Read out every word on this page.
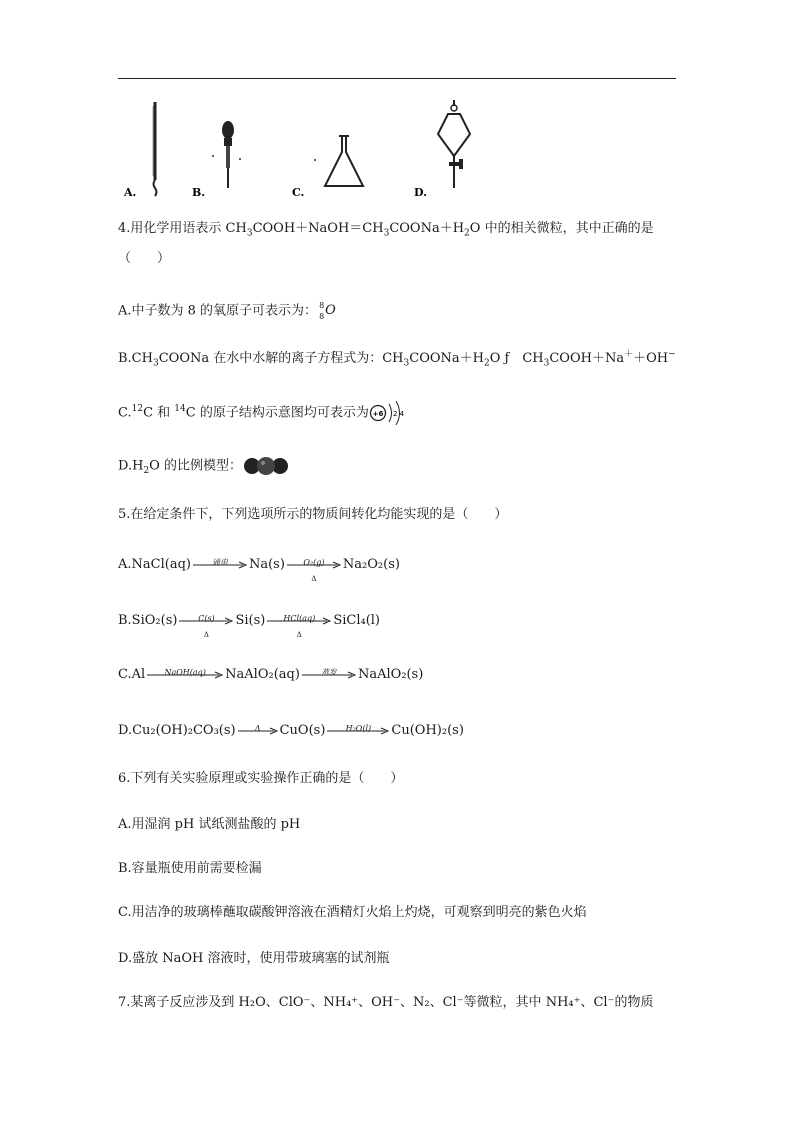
A.	B.	C.	D.
4.用化学用语表示 $CH_3COOH+NaOH=CH_3COONa+H_2O$ 中的相关微粒，其中正确的是
（　　）
A.中子数为 8 的氧原子可表示为： 8
8 O
$B.CH_3COONa$ 在水中水解的离子方程式为：$CH_3COONa+H_2O$ ƒ　$CH_3COOH+Na^++OH^-$
C.$^{12}$C 和 $^{14}$C 的原子结构示意图均可表示为 +6 2 4
$D.H_2O$ 的比例模型：
5.在给定条件下，下列选项所示的物质间转化均能实现的是（　　）
A.NaCl(aq)	通电	Na(s)	O₂(g)
Δ
Na₂O₂(s)
B.SiO₂(s)	C(s)
Δ
Si(s)	HCl(aq)
Δ
SiCl₄(l)
C.Al	NaOH(aq)	NaAlO₂(aq)	蒸发	NaAlO₂(s)
D.Cu₂(OH)₂CO₃(s)	Δ	CuO(s)	H₂O(l)	Cu(OH)₂(s)
6.下列有关实验原理或实验操作正确的是（　　）
A.用湿润 pH 试纸测盐酸的 pH
B.容量瓶使用前需要检漏
C.用洁净的玻璃棒蘸取碳酸钾溶液在酒精灯火焰上灼烧，可观察到明亮的紫色火焰
D.盛放 NaOH 溶液时，使用带玻璃塞的试剂瓶
7.某离子反应涉及到 H₂O、ClO⁻、NH₄⁺、OH⁻、N₂、Cl⁻等微粒，其中 NH₄⁺、Cl⁻的物质
